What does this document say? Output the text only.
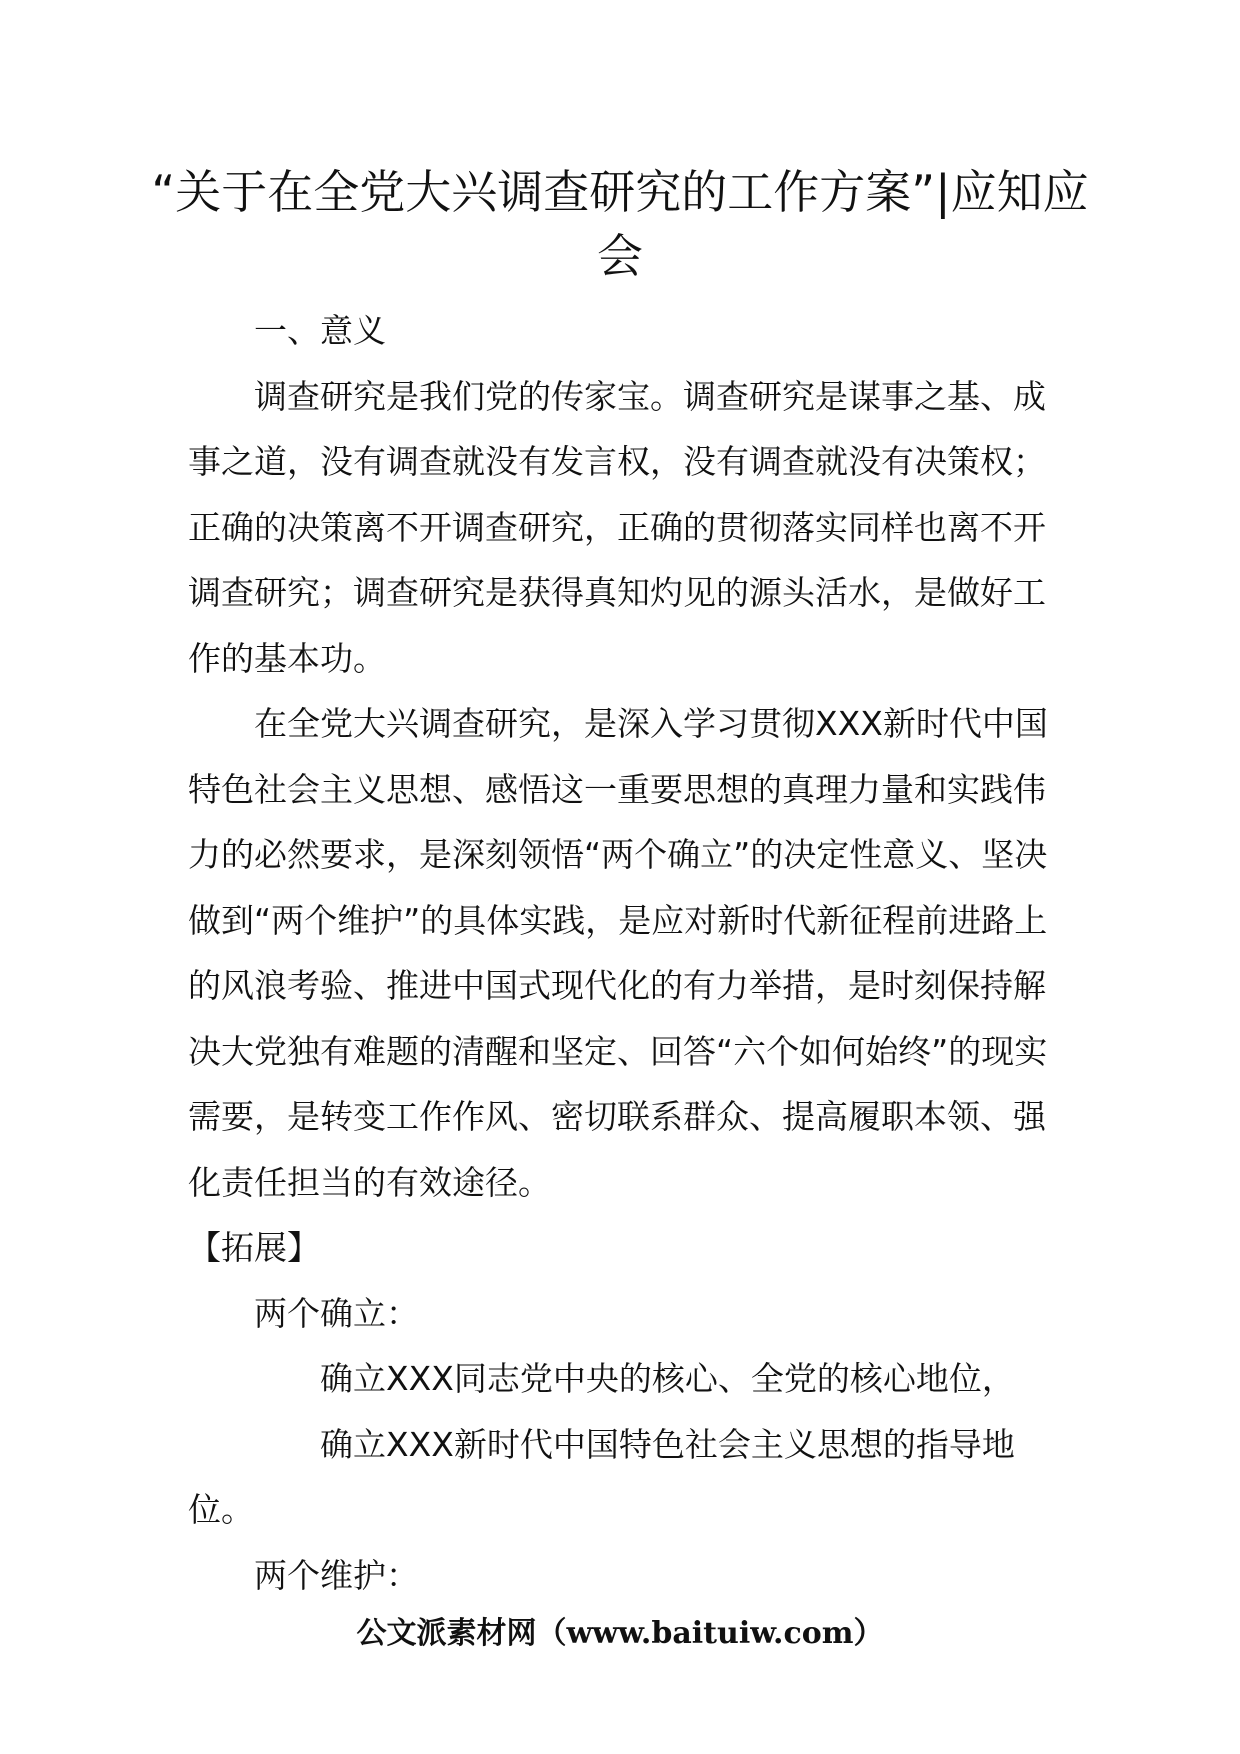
“关于在全党大兴调查研究的工作方案”|应知应会

一、意义

调查研究是我们党的传家宝。调查研究是谋事之基、成事之道，没有调查就没有发言权，没有调查就没有决策权；正确的决策离不开调查研究，正确的贯彻落实同样也离不开调查研究；调查研究是获得真知灼见的源头活水，是做好工作的基本功。

在全党大兴调查研究，是深入学习贯彻XXX新时代中国特色社会主义思想、感悟这一重要思想的真理力量和实践伟力的必然要求，是深刻领悟“两个确立”的决定性意义、坚决做到“两个维护”的具体实践，是应对新时代新征程前进路上的风浪考验、推进中国式现代化的有力举措，是时刻保持解决大党独有难题的清醒和坚定、回答“六个如何始终”的现实需要，是转变工作作风、密切联系群众、提高履职本领、强化责任担当的有效途径。

【拓展】

两个确立：

确立XXX同志党中央的核心、全党的核心地位，

确立XXX新时代中国特色社会主义思想的指导地位。

两个维护：

公文派素材网（www.baituiw.com）
